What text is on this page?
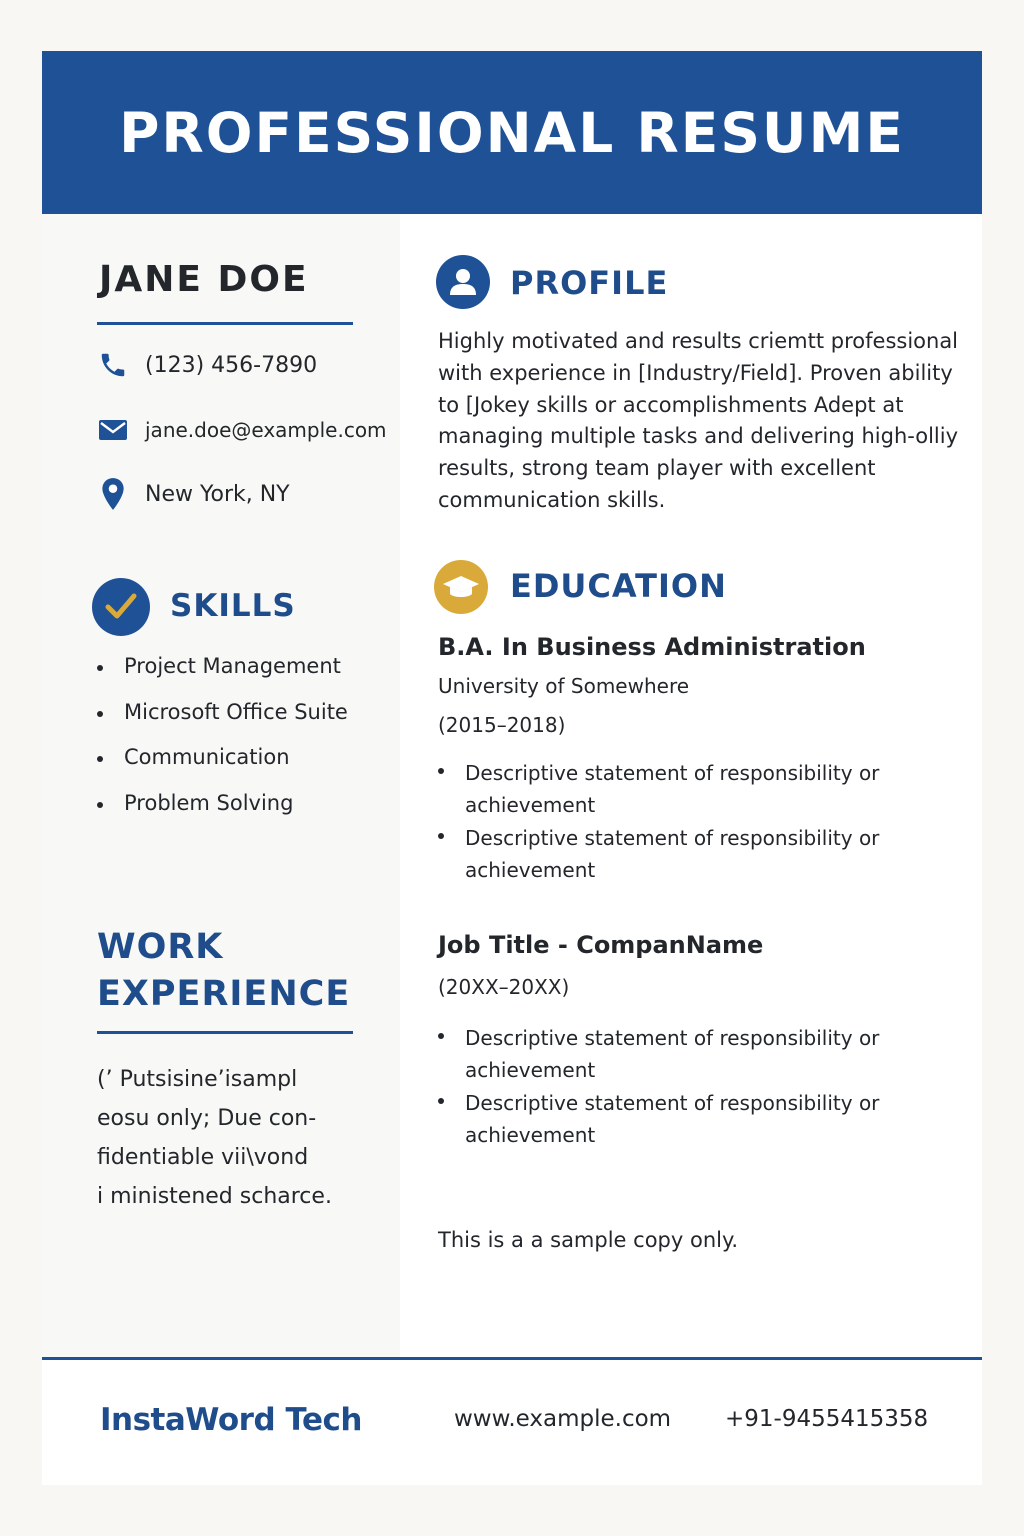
PROFESSIONAL RESUME
JANE DOE
(123) 456-7890
jane.doe@example.com
New York, NY
SKILLS
Project Management
Microsoft Office Suite
Communication
Problem Solving
WORK
EXPERIENCE
(’ Putsisine’isampl
eosu only; Due con-
fidentiable vii\vond
i ministened scharce.
PROFILE
Highly motivated and results criemtt professional
with experience in [Industry/Field]. Proven ability
to [Jokey skills or accomplishments Adept at
managing multiple tasks and delivering high-olliy
results, strong team player with excellent
communication skills.
EDUCATION
B.A. In Business Administration
University of Somewhere
(2015–2018)
Descriptive statement of responsibility or
achievement
Descriptive statement of responsibility or
achievement
Job Title - CompanName
(20XX–20XX)
Descriptive statement of responsibility or
achievement
Descriptive statement of responsibility or
achievement
This is a a sample copy only.
InstaWord Tech	www.example.com +91-9455415358
